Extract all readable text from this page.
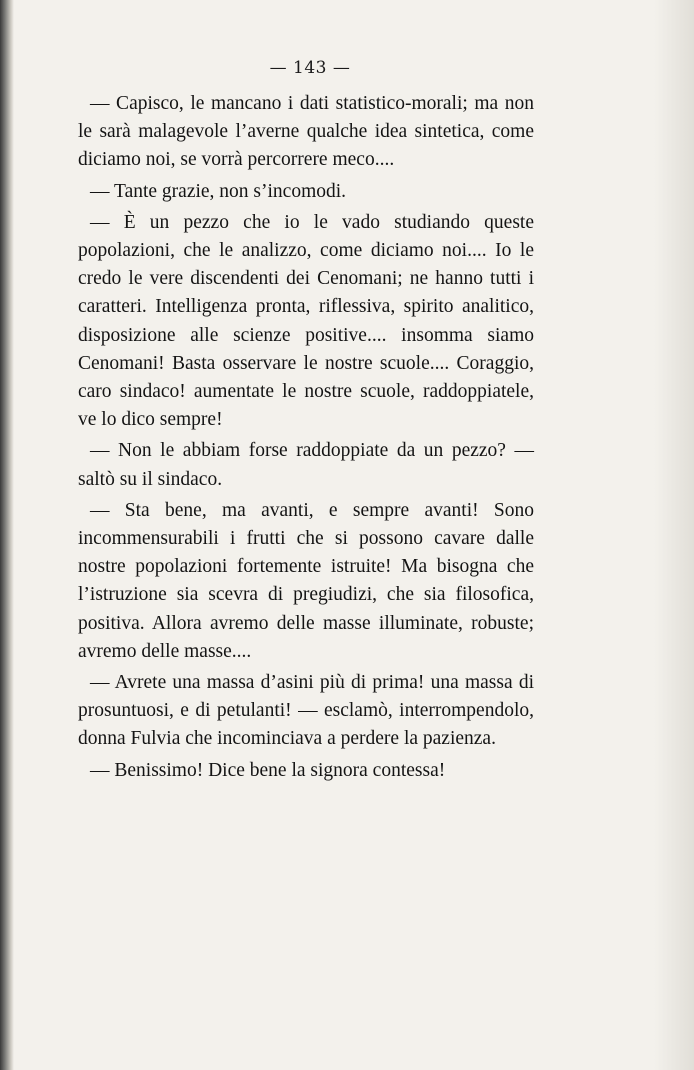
— 143 —

— Capisco, le mancano i dati statistico-morali; ma non le sarà malagevole l’averne qualche idea sintetica, come diciamo noi, se vorrà percorrere meco....

— Tante grazie, non s’incomodi.

— È un pezzo che io le vado studiando queste popolazioni, che le analizzo, come diciamo noi.... Io le credo le vere discendenti dei Cenomani; ne hanno tutti i caratteri. Intelligenza pronta, riflessiva, spirito analitico, disposizione alle scienze positive.... insomma siamo Cenomani! Basta osservare le nostre scuole.... Coraggio, caro sindaco! aumentate le nostre scuole, raddoppiatele, ve lo dico sempre!

— Non le abbiam forse raddoppiate da un pezzo? — saltò su il sindaco.

— Sta bene, ma avanti, e sempre avanti! Sono incommensurabili i frutti che si possono cavare dalle nostre popolazioni fortemente istruite! Ma bisogna che l’istruzione sia scevra di pregiudizi, che sia filosofica, positiva. Allora avremo delle masse illuminate, robuste; avremo delle masse....

— Avrete una massa d’asini più di prima! una massa di prosuntuosi, e di petulanti! — esclamò, interrompendolo, donna Fulvia che incominciava a perdere la pazienza.

— Benissimo! Dice bene la signora contessa!
